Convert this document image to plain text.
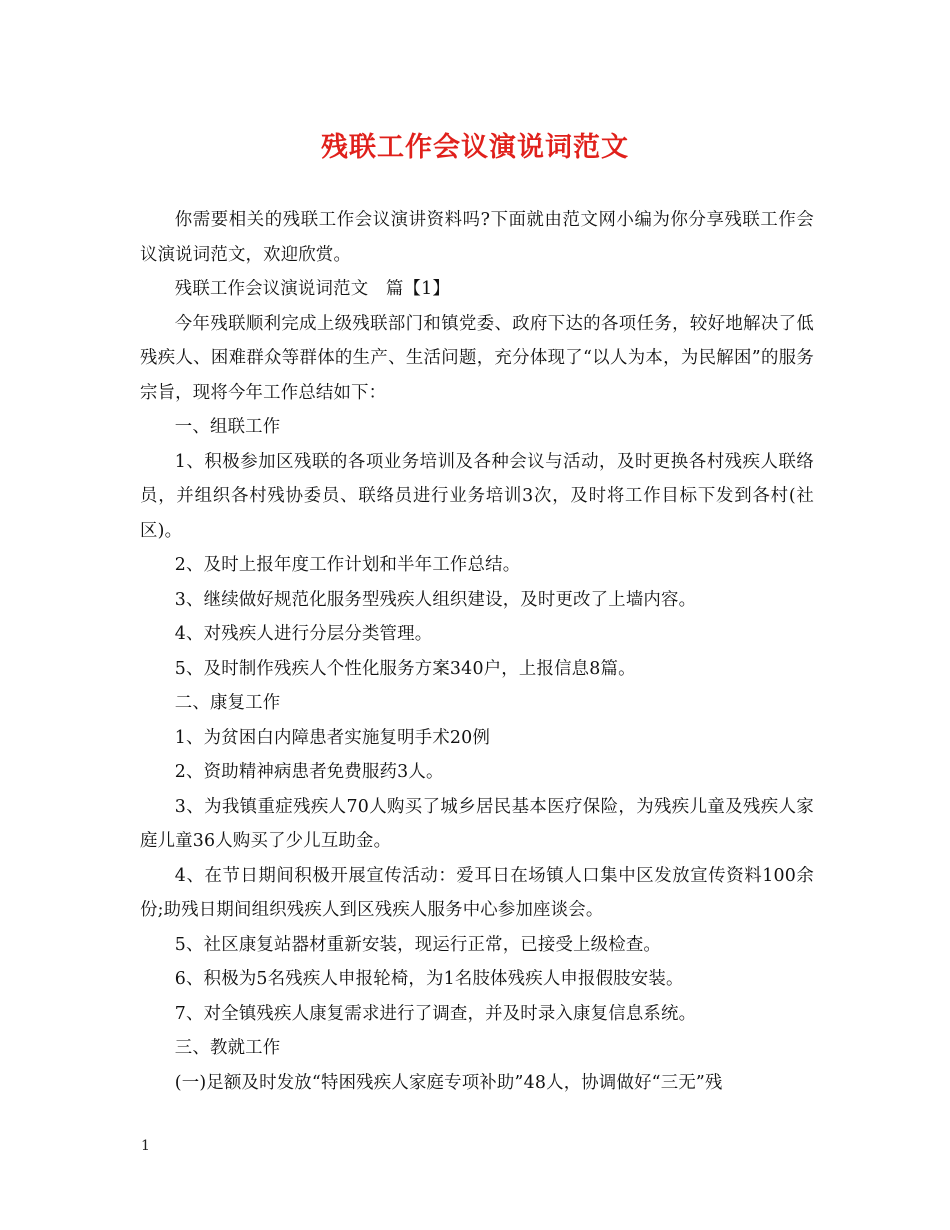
残联工作会议演说词范文

你需要相关的残联工作会议演讲资料吗?下面就由范文网小编为你分享残联工作会议演说词范文，欢迎欣赏。

残联工作会议演说词范文　篇【1】

今年残联顺利完成上级残联部门和镇党委、政府下达的各项任务，较好地解决了低残疾人、困难群众等群体的生产、生活问题，充分体现了“以人为本，为民解困”的服务宗旨，现将今年工作总结如下：

一、组联工作

1、积极参加区残联的各项业务培训及各种会议与活动，及时更换各村残疾人联络员，并组织各村残协委员、联络员进行业务培训3次，及时将工作目标下发到各村(社区)。

2、及时上报年度工作计划和半年工作总结。

3、继续做好规范化服务型残疾人组织建设，及时更改了上墙内容。

4、对残疾人进行分层分类管理。

5、及时制作残疾人个性化服务方案340户，上报信息8篇。

二、康复工作

1、为贫困白内障患者实施复明手术20例

2、资助精神病患者免费服药3人。

3、为我镇重症残疾人70人购买了城乡居民基本医疗保险，为残疾儿童及残疾人家庭儿童36人购买了少儿互助金。

4、在节日期间积极开展宣传活动：爱耳日在场镇人口集中区发放宣传资料100余份;助残日期间组织残疾人到区残疾人服务中心参加座谈会。

5、社区康复站器材重新安装，现运行正常，已接受上级检查。

6、积极为5名残疾人申报轮椅，为1名肢体残疾人申报假肢安装。

7、对全镇残疾人康复需求进行了调查，并及时录入康复信息系统。

三、教就工作

(一)足额及时发放“特困残疾人家庭专项补助”48人，协调做好“三无”残

1
